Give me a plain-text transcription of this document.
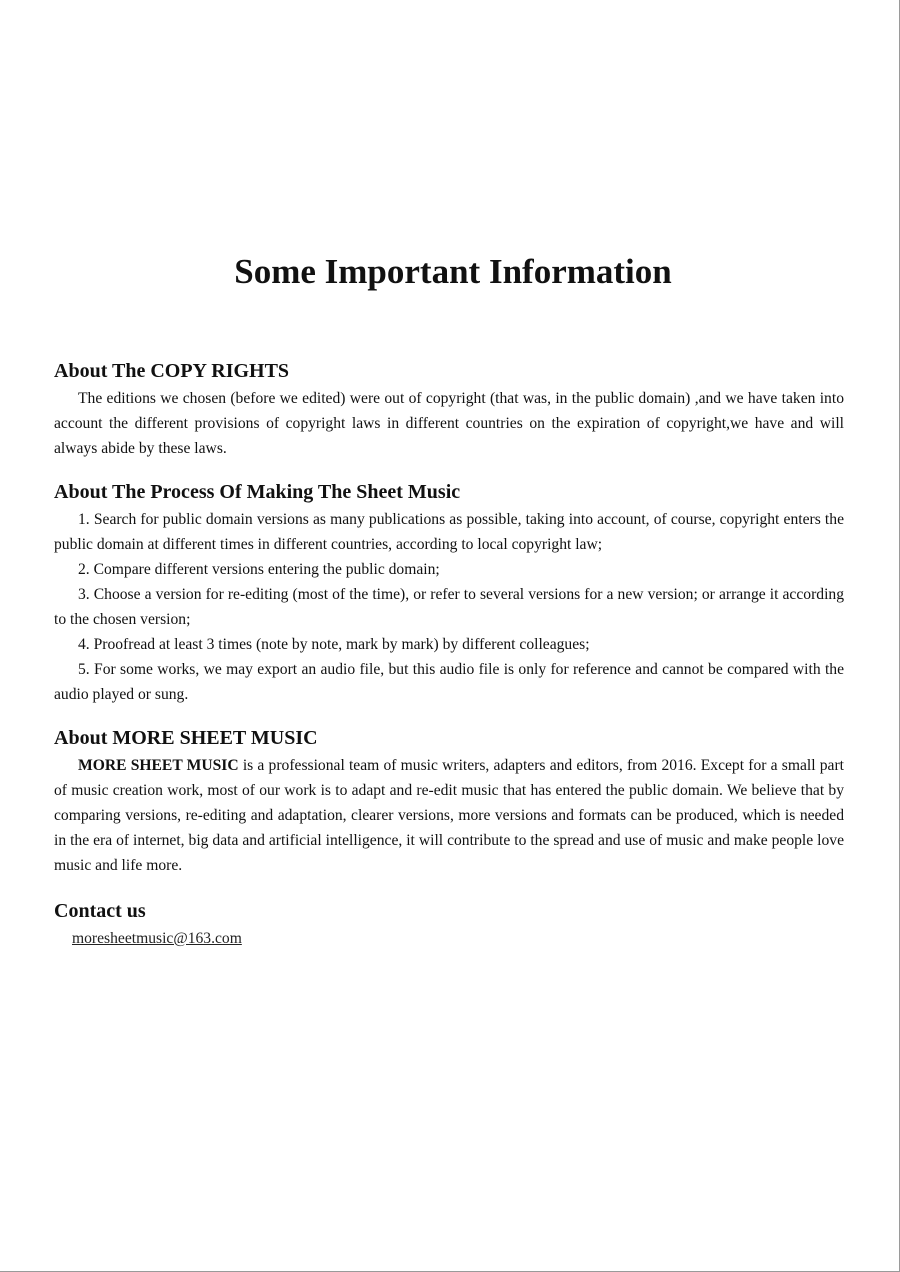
Some Important Information
About The COPY RIGHTS

The editions we chosen (before we edited) were out of copyright (that was, in the public domain) ,and we have taken into account the different provisions of copyright laws in different countries on the expiration of copyright,we have and will always abide by these laws.

About The Process Of Making The Sheet Music

1. Search for public domain versions as many publications as possible, taking into account, of course, copyright enters the public domain at different times in different countries, according to local copyright law;

2. Compare different versions entering the public domain;

3. Choose a version for re-editing (most of the time), or refer to several versions for a new version; or arrange it according to the chosen version;

4. Proofread at least 3 times (note by note, mark by mark) by different colleagues;

5. For some works, we may export an audio file, but this audio file is only for reference and cannot be compared with the audio played or sung.

About MORE SHEET MUSIC

MORE SHEET MUSIC is a professional team of music writers, adapters and editors, from 2016. Except for a small part of music creation work, most of our work is to adapt and re-edit music that has entered the public domain. We believe that by comparing versions, re-editing and adaptation, clearer versions, more versions and formats can be produced, which is needed in the era of internet, big data and artificial intelligence, it will contribute to the spread and use of music and make people love music and life more.

Contact us
moresheetmusic@163.com
